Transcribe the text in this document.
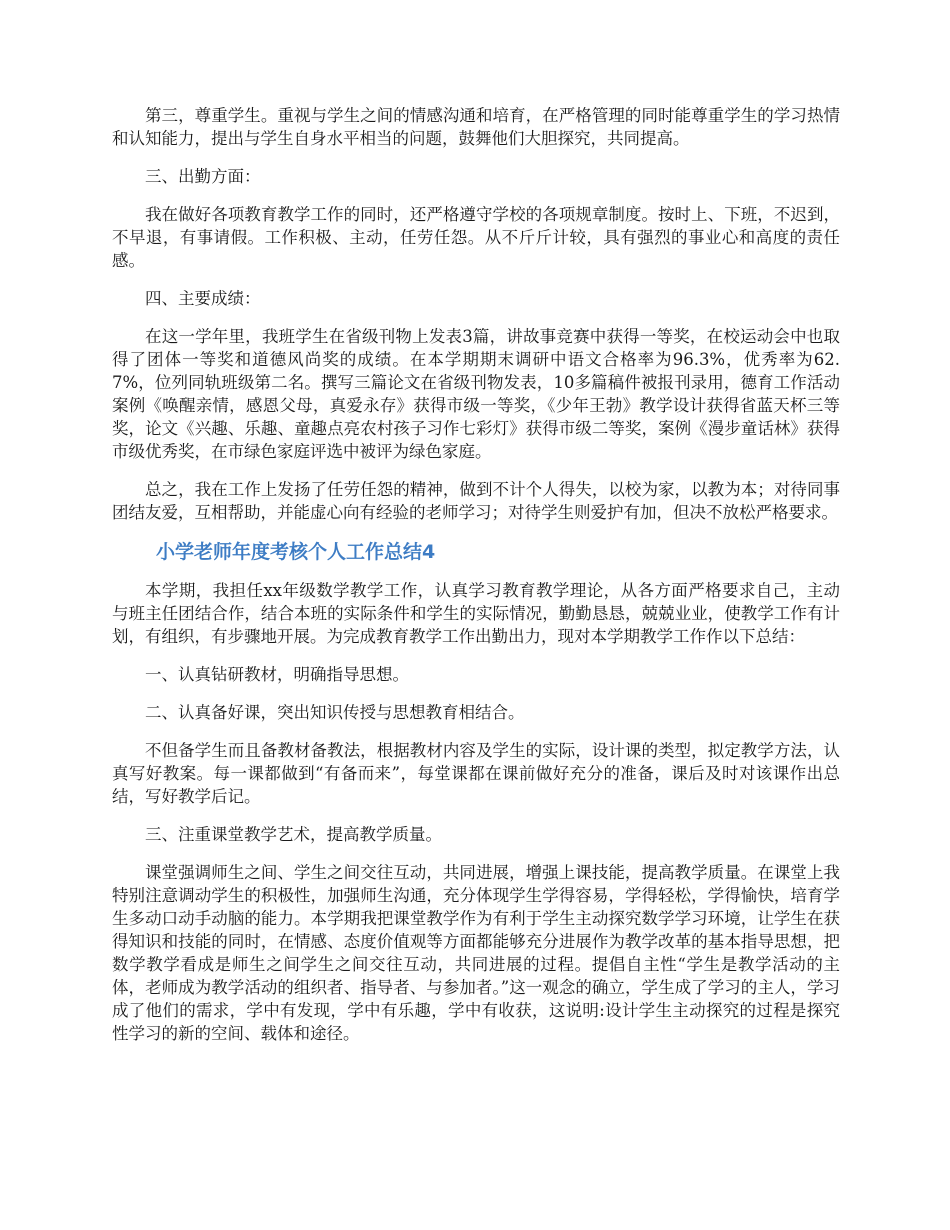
第三，尊重学生。重视与学生之间的情感沟通和培育，在严格管理的同时能尊重学生的学习热情和认知能力，提出与学生自身水平相当的问题，鼓舞他们大胆探究，共同提高。

三、出勤方面：

我在做好各项教育教学工作的同时，还严格遵守学校的各项规章制度。按时上、下班，不迟到，不早退，有事请假。工作积极、主动，任劳任怨。从不斤斤计较，具有强烈的事业心和高度的责任感。

四、主要成绩：

在这一学年里，我班学生在省级刊物上发表3篇，讲故事竞赛中获得一等奖，在校运动会中也取得了团体一等奖和道德风尚奖的成绩。在本学期期末调研中语文合格率为96.3%，优秀率为62.7%，位列同轨班级第二名。撰写三篇论文在省级刊物发表，10多篇稿件被报刊录用，德育工作活动案例《唤醒亲情，感恩父母，真爱永存》获得市级一等奖，《少年王勃》教学设计获得省蓝天杯三等奖，论文《兴趣、乐趣、童趣点亮农村孩子习作七彩灯》获得市级二等奖，案例《漫步童话林》获得市级优秀奖，在市绿色家庭评选中被评为绿色家庭。

总之，我在工作上发扬了任劳任怨的精神，做到不计个人得失，以校为家，以教为本；对待同事团结友爱，互相帮助，并能虚心向有经验的老师学习；对待学生则爱护有加，但决不放松严格要求。

小学老师年度考核个人工作总结4

本学期，我担任xx年级数学教学工作，认真学习教育教学理论，从各方面严格要求自己，主动与班主任团结合作，结合本班的实际条件和学生的实际情况，勤勤恳恳，兢兢业业，使教学工作有计划，有组织，有步骤地开展。为完成教育教学工作出勤出力，现对本学期教学工作作以下总结：

一、认真钻研教材，明确指导思想。

二、认真备好课，突出知识传授与思想教育相结合。

不但备学生而且备教材备教法，根据教材内容及学生的实际，设计课的类型，拟定教学方法，认真写好教案。每一课都做到“有备而来”，每堂课都在课前做好充分的准备，课后及时对该课作出总结，写好教学后记。

三、注重课堂教学艺术，提高教学质量。

课堂强调师生之间、学生之间交往互动，共同进展，增强上课技能，提高教学质量。在课堂上我特别注意调动学生的积极性，加强师生沟通，充分体现学生学得容易，学得轻松，学得愉快，培育学生多动口动手动脑的能力。本学期我把课堂教学作为有利于学生主动探究数学学习环境，让学生在获得知识和技能的同时，在情感、态度价值观等方面都能够充分进展作为教学改革的基本指导思想，把数学教学看成是师生之间学生之间交往互动，共同进展的过程。提倡自主性“学生是教学活动的主体，老师成为教学活动的组织者、指导者、与参加者。”这一观念的确立，学生成了学习的主人，学习成了他们的需求，学中有发现，学中有乐趣，学中有收获，这说明:设计学生主动探究的过程是探究性学习的新的空间、载体和途径。
